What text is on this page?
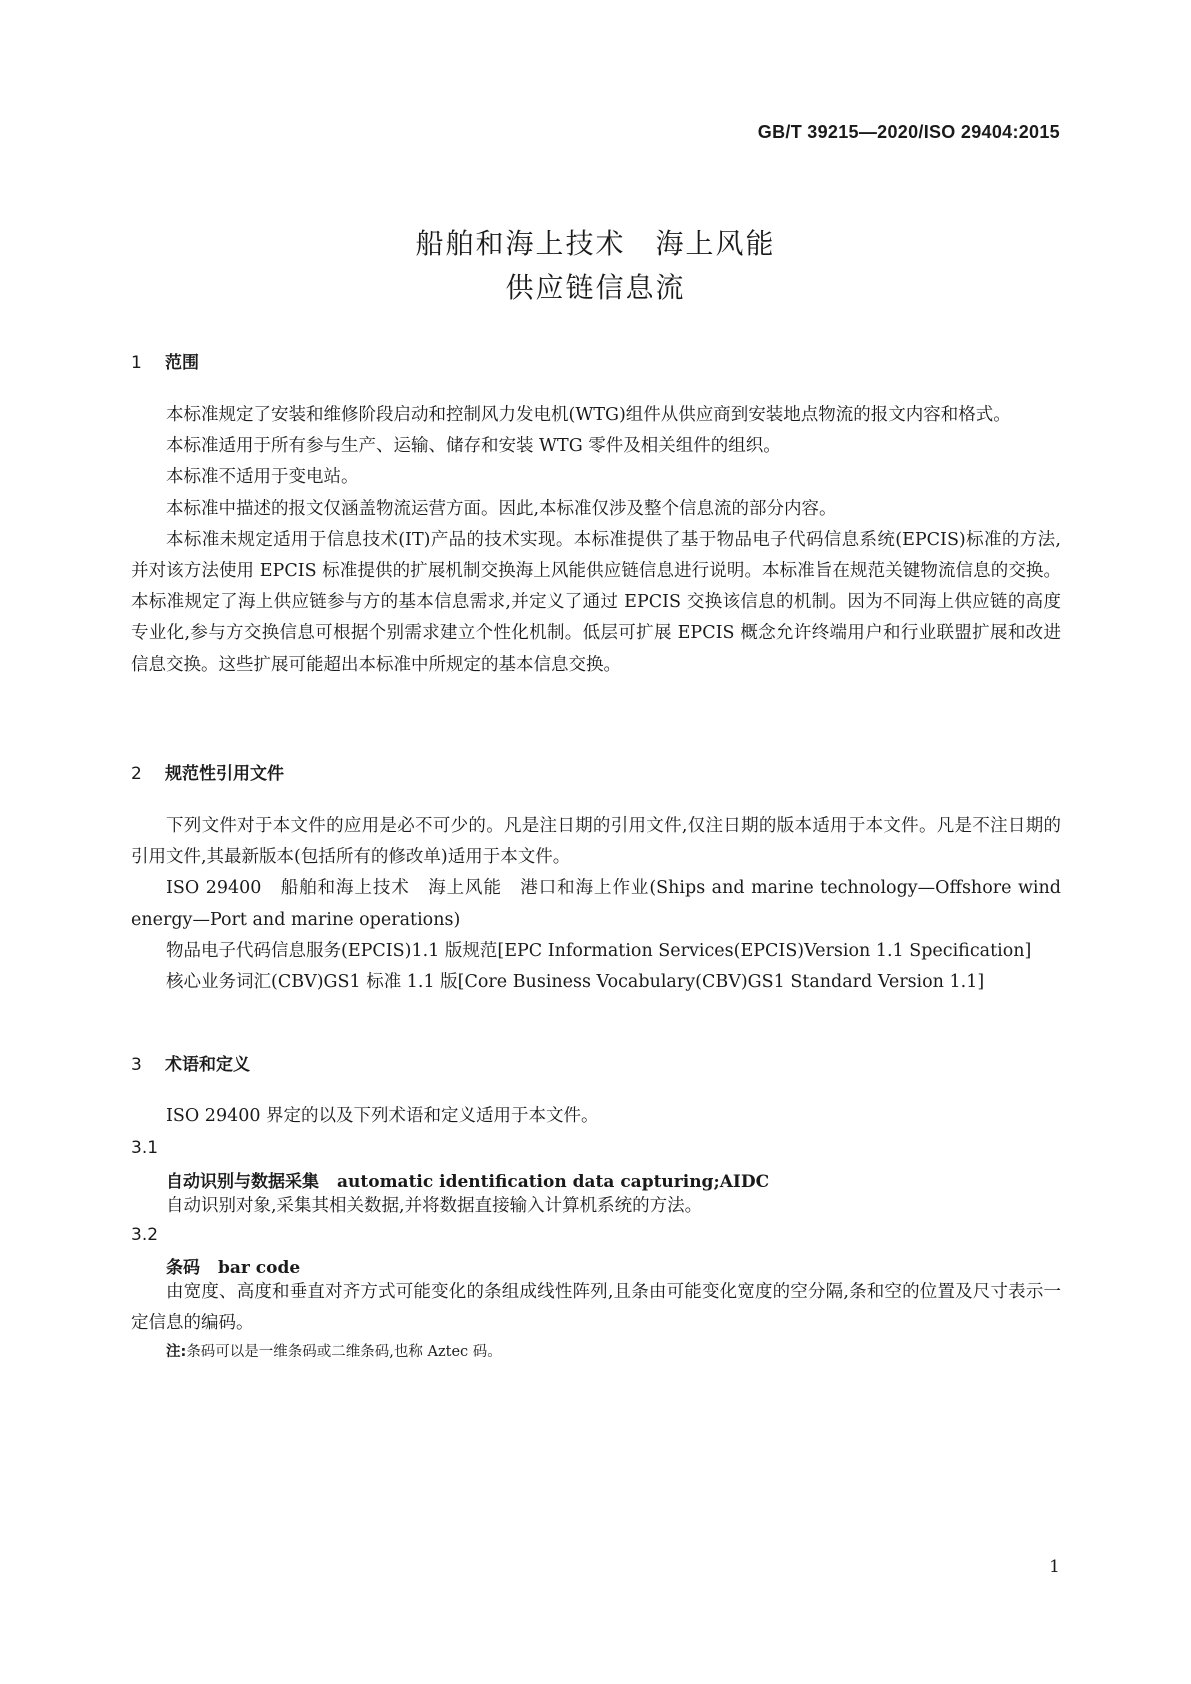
GB/T 39215—2020/ISO 29404:2015
船舶和海上技术　海上风能
供应链信息流
1 范围

本标准规定了安装和维修阶段启动和控制风力发电机(WTG)组件从供应商到安装地点物流的报文内容和格式。

本标准适用于所有参与生产、运输、储存和安装 WTG 零件及相关组件的组织。

本标准不适用于变电站。

本标准中描述的报文仅涵盖物流运营方面。因此,本标准仅涉及整个信息流的部分内容。

本标准未规定适用于信息技术(IT)产品的技术实现。本标准提供了基于物品电子代码信息系统(EPCIS)标准的方法,并对该方法使用 EPCIS 标准提供的扩展机制交换海上风能供应链信息进行说明。本标准旨在规范关键物流信息的交换。本标准规定了海上供应链参与方的基本信息需求,并定义了通过 EPCIS 交换该信息的机制。因为不同海上供应链的高度专业化,参与方交换信息可根据个别需求建立个性化机制。低层可扩展 EPCIS 概念允许终端用户和行业联盟扩展和改进信息交换。这些扩展可能超出本标准中所规定的基本信息交换。

2 规范性引用文件

下列文件对于本文件的应用是必不可少的。凡是注日期的引用文件,仅注日期的版本适用于本文件。凡是不注日期的引用文件,其最新版本(包括所有的修改单)适用于本文件。

ISO 29400　船舶和海上技术　海上风能　港口和海上作业(Ships and marine technology—Offshore wind energy—Port and marine operations)

物品电子代码信息服务(EPCIS)1.1 版规范[EPC Information Services(EPCIS)Version 1.1 Specification]

核心业务词汇(CBV)GS1 标准 1.1 版[Core Business Vocabulary(CBV)GS1 Standard Version 1.1]

3 术语和定义

ISO 29400 界定的以及下列术语和定义适用于本文件。

3.1
自动识别与数据采集 automatic identification data capturing;AIDC

自动识别对象,采集其相关数据,并将数据直接输入计算机系统的方法。

3.2
条码 bar code

由宽度、高度和垂直对齐方式可能变化的条组成线性阵列,且条由可能变化宽度的空分隔,条和空的位置及尺寸表示一定信息的编码。

注:条码可以是一维条码或二维条码,也称 Aztec 码。
1
